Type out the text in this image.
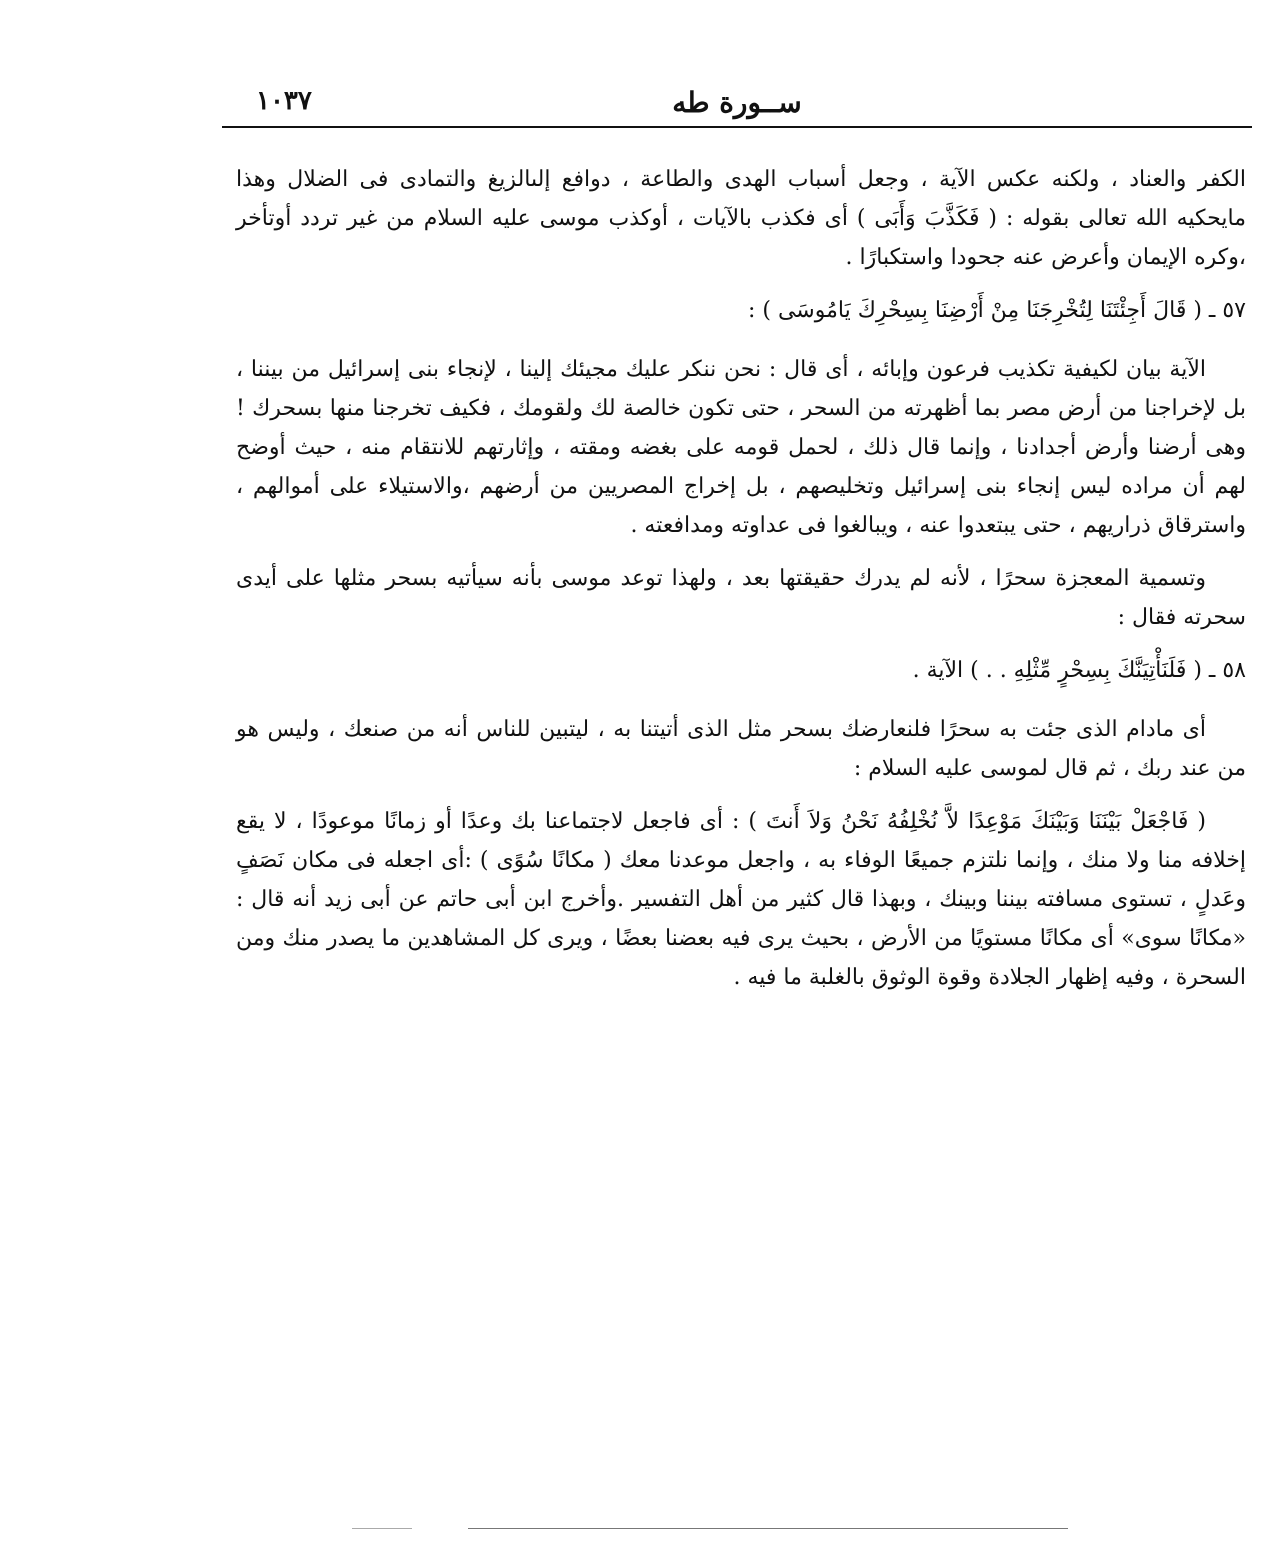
١٠٣٧	ســورة طه

الكفر والعناد ، ولكنه عكس الآية ، وجعل أسباب الهدى والطاعة ، دوافع إلىالزيغ والتمادى فى الضلال وهذا مايحكيه الله تعالى بقوله : ( فَكَذَّبَ وَأَبَى ) أى فكذب بالآيات ، أوكذب موسى عليه السلام من غير تردد أوتأخر ،وكره الإيمان وأعرض عنه جحودا واستكبارًا .

٥٧ ـ ( قَالَ أَجِئْتَنَا لِتُخْرِجَنَا مِنْ أَرْضِنَا بِسِحْرِكَ يَامُوسَى ) :

الآية بيان لكيفية تكذيب فرعون وإبائه ، أى قال : نحن ننكر عليك مجيئك إلينا ، لإنجاء بنى إسرائيل من بيننا ، بل لإخراجنا من أرض مصر بما أظهرته من السحر ، حتى تكون خالصة لك ولقومك ، فكيف تخرجنا منها بسحرك ! وهى أرضنا وأرض أجدادنا ، وإنما قال ذلك ، لحمل قومه على بغضه ومقته ، وإثارتهم للانتقام منه ، حيث أوضح لهم أن مراده ليس إنجاء بنى إسرائيل وتخليصهم ، بل إخراج المصريين من أرضهم ،والاستيلاء على أموالهم ، واسترقاق ذراريهم ، حتى يبتعدوا عنه ، ويبالغوا فى عداوته ومدافعته .

وتسمية المعجزة سحرًا ، لأنه لم يدرك حقيقتها بعد ، ولهذا توعد موسى بأنه سيأتيه بسحر مثلها على أيدى سحرته فقال :

٥٨ ـ ( فَلَنَأْتِيَنَّكَ بِسِحْرٍ مِّثْلِهِ . . ) الآية .

أى مادام الذى جئت به سحرًا فلنعارضك بسحر مثل الذى أتيتنا به ، ليتبين للناس أنه من صنعك ، وليس هو من عند ربك ، ثم قال لموسى عليه السلام :

( فَاجْعَلْ بَيْنَنَا وَبَيْنَكَ مَوْعِدًا لاَّ نُخْلِفُهُ نَحْنُ وَلاَ أَنتَ ) : أى فاجعل لاجتماعنا بك وعدًا أو زمانًا موعودًا ، لا يقع إخلافه منا ولا منك ، وإنما نلتزم جميعًا الوفاء به ، واجعل موعدنا معك ( مكانًا سُوًى ) :أى اجعله فى مكان نَصَفٍ وعَدلٍ ، تستوى مسافته بيننا وبينك ، وبهذا قال كثير من أهل التفسير .وأخرج ابن أبى حاتم عن أبى زيد أنه قال : «مكانًا سوى» أى مكانًا مستويًا من الأرض ، بحيث يرى فيه بعضنا بعضًا ، ويرى كل المشاهدين ما يصدر منك ومن السحرة ، وفيه إظهار الجلادة وقوة الوثوق بالغلبة ما فيه .
